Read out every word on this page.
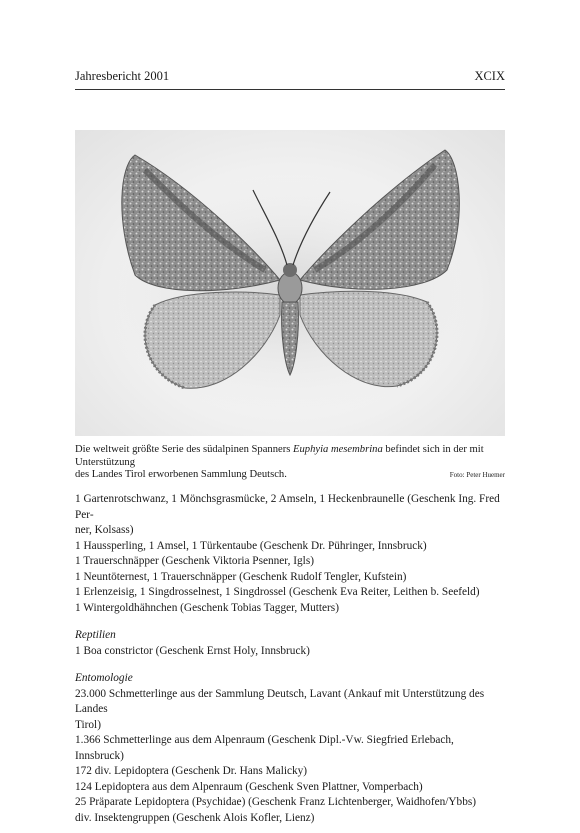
Jahresbericht 2001	XCIX
Die weltweit größte Serie des südalpinen Spanners Euphyia mesembrina befindet sich in der mit Unterstützung
des Landes Tirol erworbenen Sammlung Deutsch.	Foto: Peter Huemer

1 Gartenrotschwanz, 1 Mönchsgrasmücke, 2 Amseln, 1 Heckenbraunelle (Geschenk Ing. Fred Per-

ner, Kolsass)

1 Haussperling, 1 Amsel, 1 Türkentaube (Geschenk Dr. Pühringer, Innsbruck)

1 Trauerschnäpper (Geschenk Viktoria Psenner, Igls)

1 Neuntöternest, 1 Trauerschnäpper (Geschenk Rudolf Tengler, Kufstein)

1 Erlenzeisig, 1 Singdrosselnest, 1 Singdrossel (Geschenk Eva Reiter, Leithen b. Seefeld)

1 Wintergoldhähnchen (Geschenk Tobias Tagger, Mutters)

Reptilien

1 Boa constrictor (Geschenk Ernst Holy, Innsbruck)

Entomologie

23.000 Schmetterlinge aus der Sammlung Deutsch, Lavant (Ankauf mit Unterstützung des Landes

Tirol)

1.366 Schmetterlinge aus dem Alpenraum (Geschenk Dipl.-Vw. Siegfried Erlebach, Innsbruck)

172 div. Lepidoptera (Geschenk Dr. Hans Malicky)

124 Lepidoptera aus dem Alpenraum (Geschenk Sven Plattner, Vomperbach)

25 Präparate Lepidoptera (Psychidae) (Geschenk Franz Lichtenberger, Waidhofen/Ybbs)

div. Insektengruppen (Geschenk Alois Kofler, Lienz)
